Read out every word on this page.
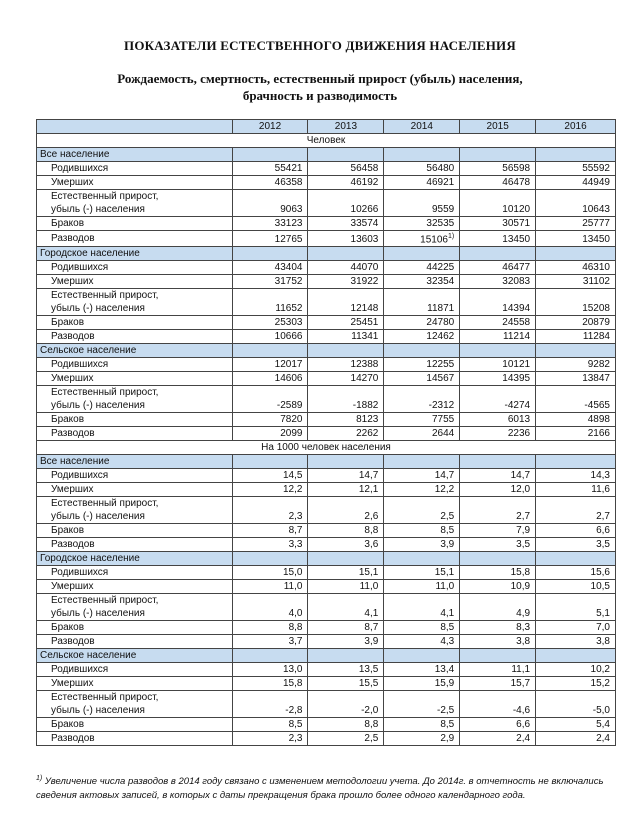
ПОКАЗАТЕЛИ ЕСТЕСТВЕННОГО ДВИЖЕНИЯ НАСЕЛЕНИЯ
Рождаемость, смертность, естественный прирост (убыль) населения,
брачность и разводимость
	2012	2013	2014	2015	2016
Человек					
Все население					

Родившихся	55421	56458	56480	56598	55592

Умерших	46358	46192	46921	46478	44949

Естественный прирост,
убыль (-) населения	9063	10266	9559	10120	10643

Браков	33123	33574	32535	30571	25777

Разводов	12765	13603	15106$^{1)}$	13450	13450
Городское население					

Родившихся	43404	44070	44225	46477	46310

Умерших	31752	31922	32354	32083	31102

Естественный прирост,
убыль (-) населения	11652	12148	11871	14394	15208

Браков	25303	25451	24780	24558	20879

Разводов	10666	11341	12462	11214	11284
Сельское население					

Родившихся	12017	12388	12255	10121	9282

Умерших	14606	14270	14567	14395	13847

Естественный прирост,
убыль (-) населения	-2589	-1882	-2312	-4274	-4565

Браков	7820	8123	7755	6013	4898

Разводов	2099	2262	2644	2236	2166
На 1000 человек населения					
Все население					

Родившихся	14,5	14,7	14,7	14,7	14,3

Умерших	12,2	12,1	12,2	12,0	11,6

Естественный прирост,
убыль (-) населения	2,3	2,6	2,5	2,7	2,7

Браков	8,7	8,8	8,5	7,9	6,6

Разводов	3,3	3,6	3,9	3,5	3,5
Городское население					

Родившихся	15,0	15,1	15,1	15,8	15,6

Умерших	11,0	11,0	11,0	10,9	10,5

Естественный прирост,
убыль (-) населения	4,0	4,1	4,1	4,9	5,1

Браков	8,8	8,7	8,5	8,3	7,0

Разводов	3,7	3,9	4,3	3,8	3,8
Сельское население					

Родившихся	13,0	13,5	13,4	11,1	10,2

Умерших	15,8	15,5	15,9	15,7	15,2

Естественный прирост,
убыль (-) населения	-2,8	-2,0	-2,5	-4,6	-5,0

Браков	8,5	8,8	8,5	6,6	5,4

Разводов	2,3	2,5	2,9	2,4	2,4
$^{1)}$ Увеличение числа разводов в 2014 году связано с изменением методологии учета. До 2014г. в отчетность не включались сведения актовых записей, в которых с даты прекращения брака прошло более одного календарного года.
